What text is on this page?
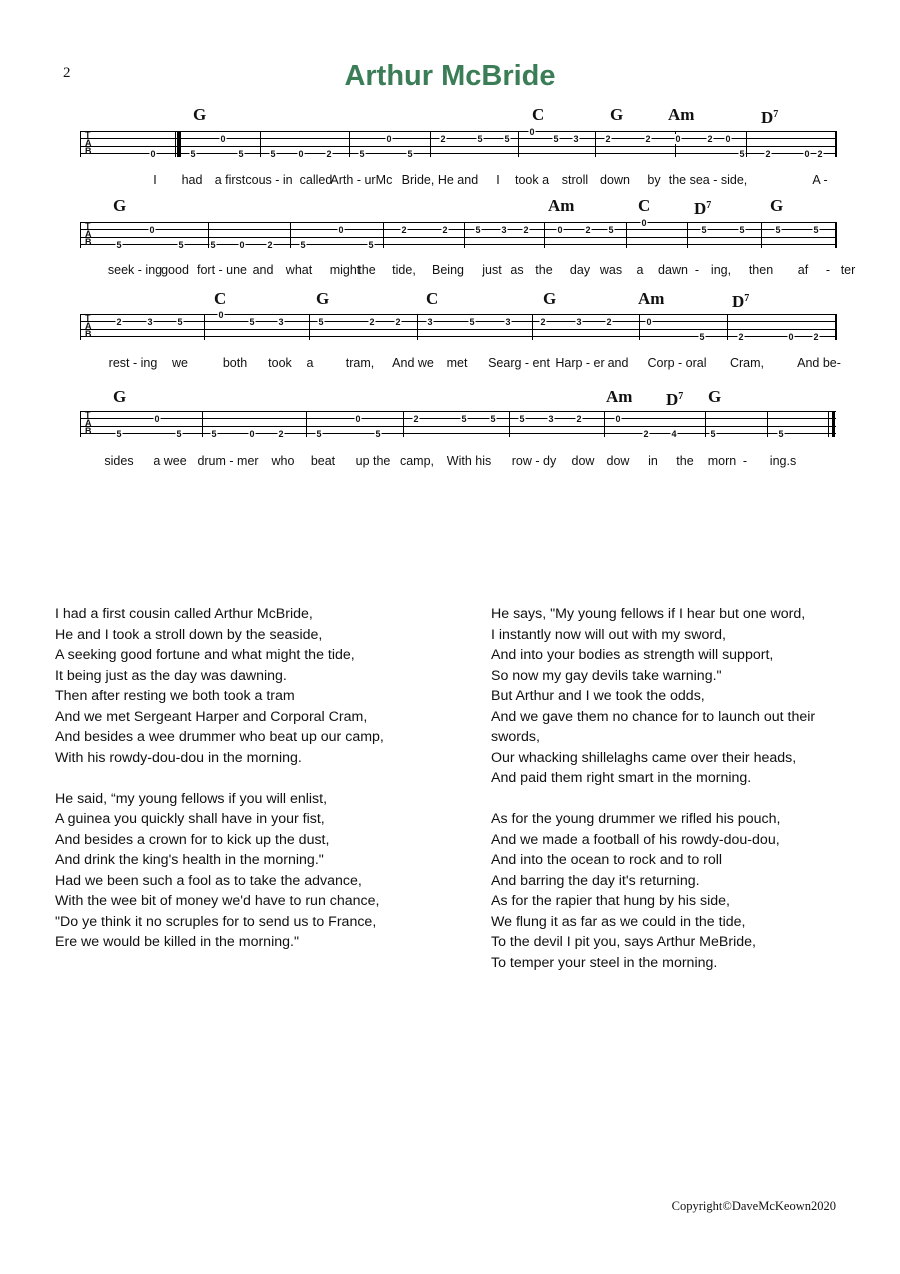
2	Arthur McBride
G	C	G	Am	$D^7$
T
A
B	0	5
0
5	5	0	2	5
0
5
2	5 5
0
5 3	2	2	0	2 0
5 2	0 2
I had a first cous - in called
Arth - ur Mc Bride, He and I took a stroll down by the sea - side,	A -
G	Am	C	$D^7$	G
T
A
B	5
0
5	5	0	2	5
0
5
2	2	5 3 2	0	2 5
0
5	5	5	5
seek - ing
good fort - une and what might
the tide, Being just as the day was a dawn - ing, then af - ter
C	G	C	G	Am	$D^7$
T
A
B
2	3	5
0
5	3	5	2 2	3	5	3	2	3	2	0
5	2	0 2
rest - ing we	both took a	tram, And we met Searg - ent Harp - er and Corp - oral Cram,	And be-
G	Am $D^7$ G
T
A
B	5
0
5	5	0	2	5
0
5
2	5	5	5	3	2	0
2	4	5	5
sides a wee drum - mer who beat up the camp, With his row - dy dow dow in the morn - ing.s
I had a first cousin called Arthur McBride,
He and I took a stroll down by the seaside,
A seeking good fortune and what might the tide,
It being just as the day was dawning.
Then after resting we both took a tram
And we met Sergeant Harper and Corporal Cram,
And besides a wee drummer who beat up our camp,
With his rowdy-dou-dou in the morning.
He said, “my young fellows if you will enlist,
A guinea you quickly shall have in your fist,
And besides a crown for to kick up the dust,
And drink the king's health in the morning."
Had we been such a fool as to take the advance,
With the wee bit of money we'd have to run chance,
"Do ye think it no scruples for to send us to France,
Ere we would be killed in the morning."
He says, "My young fellows if I hear but one word,
I instantly now will out with my sword,
And into your bodies as strength will support,
So now my gay devils take warning."
But Arthur and I we took the odds,
And we gave them no chance for to launch out their swords,
Our whacking shillelaghs came over their heads,
And paid them right smart in the morning.
As for the young drummer we rifled his pouch,
And we made a football of his rowdy-dou-dou,
And into the ocean to rock and to roll
And barring the day it's returning.
As for the rapier that hung by his side,
We flung it as far as we could in the tide,
To the devil I pit you, says Arthur MeBride,
To temper your steel in the morning.
Copyright©DaveMcKeown2020
